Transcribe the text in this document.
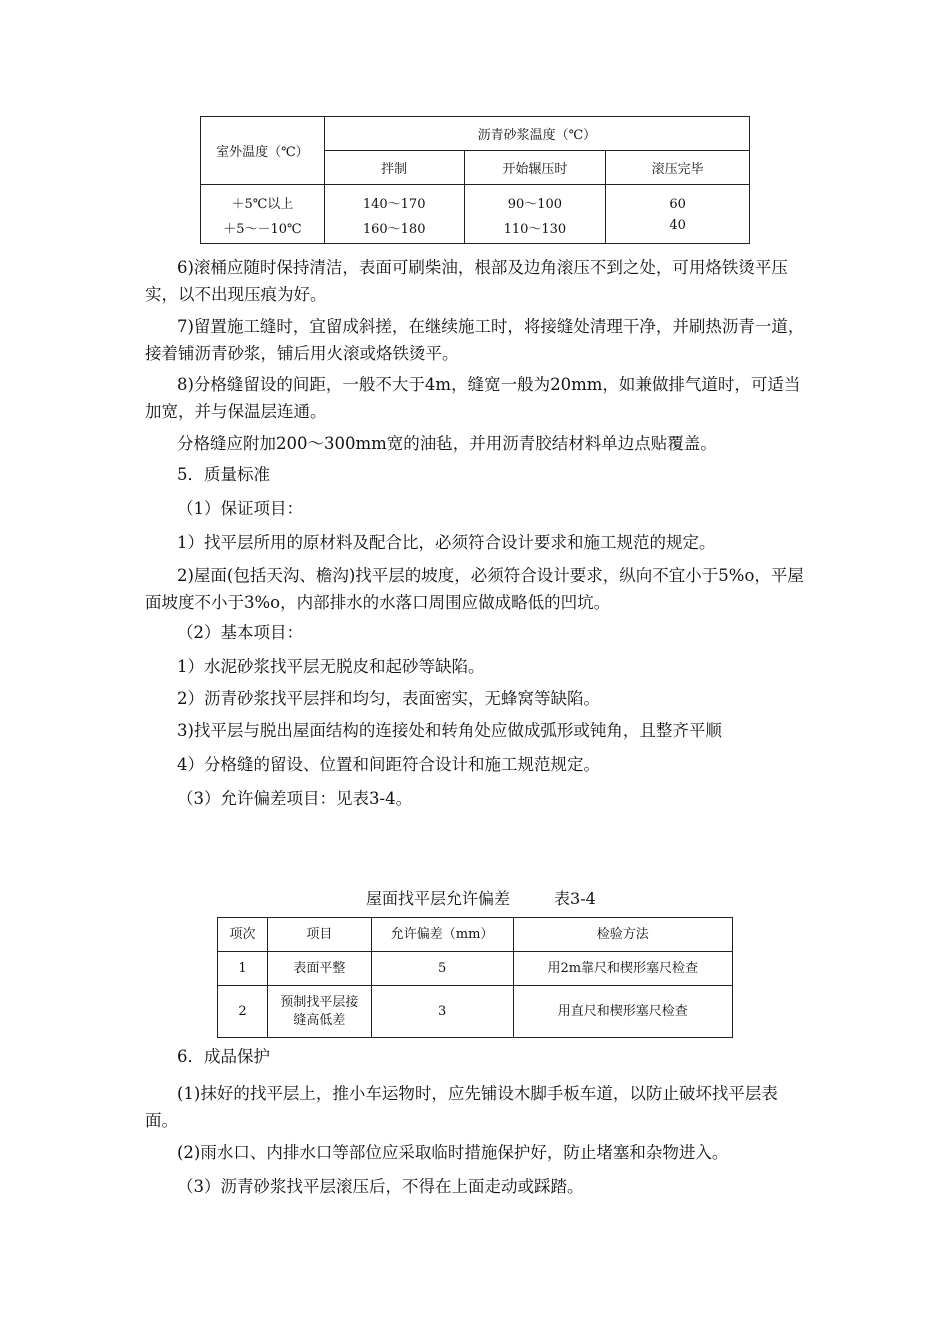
室外温度（℃）	沥青砂浆温度（℃）		
	拌制	开始辗压时	滚压完毕
＋5℃以上	140～170	90～100	60
＋5～－10℃	160～180	110～130	40

6)滚桶应随时保持清洁，表面可刷柴油，根部及边角滚压不到之处，可用烙铁烫平压实，以不出现压痕为好。

7)留置施工缝时，宜留成斜搓，在继续施工时，将接缝处清理干净，并刷热沥青一道，接着铺沥青砂浆，铺后用火滚或烙铁烫平。

8)分格缝留设的间距，一般不大于4m，缝宽一般为20mm，如兼做排气道时，可适当加宽，并与保温层连通。

分格缝应附加200～300mm宽的油毡，并用沥青胶结材料单边点贴覆盖。

5．质量标准

（1）保证项目：

1）找平层所用的原材料及配合比，必须符合设计要求和施工规范的规定。

2)屋面(包括天沟、檐沟)找平层的坡度，必须符合设计要求，纵向不宜小于5%o，平屋面坡度不小于3%o，内部排水的水落口周围应做成略低的凹坑。

（2）基本项目：

1）水泥砂浆找平层无脱皮和起砂等缺陷。

2）沥青砂浆找平层拌和均匀，表面密实，无蜂窝等缺陷。

3)找平层与脱出屋面结构的连接处和转角处应做成弧形或钝角，且整齐平顺

4）分格缝的留设、位置和间距符合设计和施工规范规定。

（3）允许偏差项目：见表3-4。

屋面找平层允许偏差	表3-4
项次	项目	允许偏差（mm）	检验方法
1	表面平整	5	用2m靠尺和楔形塞尺检查
2	预制找平层接缝高低差	3	用直尺和楔形塞尺检查

6．成品保护

(1)抹好的找平层上，推小车运物时，应先铺设木脚手板车道，以防止破坏找平层表面。

(2)雨水口、内排水口等部位应采取临时措施保护好，防止堵塞和杂物进入。

（3）沥青砂浆找平层滚压后，不得在上面走动或踩踏。
